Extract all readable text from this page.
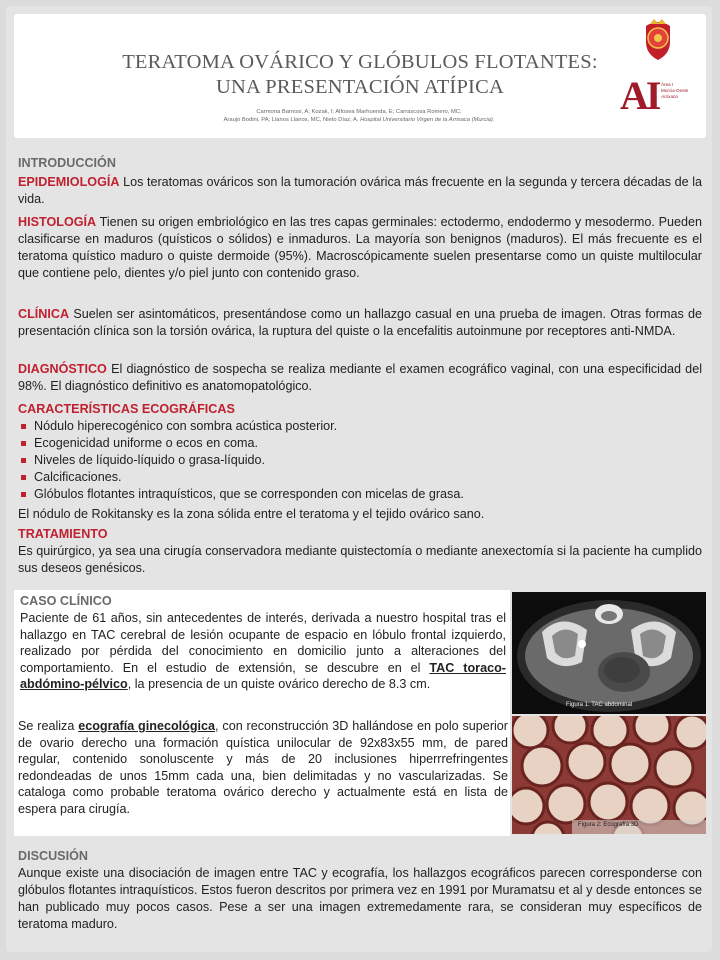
TERATOMA OVÁRICO Y GLÓBULOS FLOTANTES:
UNA PRESENTACIÓN ATÍPICA
Carmona Barnosi, A; Kozak, I; Alfosea Marhuenda, E; Carrascosa Romero, MC;
Araujo Bodini, PA; Llanos Llanos, MC, Nieto Díaz, A. Hospital Universitario Virgen de la Arrixaca (Murcia).
AI Área I
Murcia Oeste
Arrixaca
INTRODUCCIÓN

EPIDEMIOLOGÍA Los teratomas ováricos son la tumoración ovárica más frecuente en la segunda y tercera décadas de la vida.

HISTOLOGÍA Tienen su origen embriológico en las tres capas germinales: ectodermo, endodermo y mesodermo. Pueden clasificarse en maduros (quísticos o sólidos) e inmaduros. La mayoría son benignos (maduros). El más frecuente es el teratoma quístico maduro o quiste dermoide (95%). Macroscópicamente suelen presentarse como un quiste multilocular que contiene pelo, dientes y/o piel junto con contenido graso.

CLÍNICA Suelen ser asintomáticos, presentándose como un hallazgo casual en una prueba de imagen. Otras formas de presentación clínica son la torsión ovárica, la ruptura del quiste o la encefalitis autoinmune por receptores anti-NMDA.

DIAGNÓSTICO El diagnóstico de sospecha se realiza mediante el examen ecográfico vaginal, con una especificidad del 98%. El diagnóstico definitivo es anatomopatológico.

CARACTERÍSTICAS ECOGRÁFICAS
Nódulo hiperecogénico con sombra acústica posterior.
Ecogenicidad uniforme o ecos en coma.
Niveles de líquido-líquido o grasa-líquido.
Calcificaciones.
Glóbulos flotantes intraquísticos, que se corresponden con micelas de grasa.

El nódulo de Rokitansky es la zona sólida entre el teratoma y el tejido ovárico sano.

TRATAMIENTO

Es quirúrgico, ya sea una cirugía conservadora mediante quistectomía o mediante anexectomía si la paciente ha cumplido sus deseos genésicos.

CASO CLÍNICO
Paciente de 61 años, sin antecedentes de interés, derivada a nuestro hospital tras el hallazgo en TAC cerebral de lesión ocupante de espacio en lóbulo frontal izquierdo, realizado por pérdida del conocimiento en domicilio junto a alteraciones del comportamiento. En el estudio de extensión, se descubre en el TAC toraco-abdómino-pélvico, la presencia de un quiste ovárico derecho de 8.3 cm.
Se realiza ecografía ginecológica, con reconstrucción 3D hallándose en polo superior de ovario derecho una formación quística unilocular de 92x83x55 mm, de pared regular, contenido sonoluscente y más de 20 inclusiones hiperrrefringentes redondeadas de unos 15mm cada una, bien delimitadas y no vascularizadas. Se cataloga como probable teratoma ovárico derecho y actualmente está en lista de espera para cirugía.
Figura 1: TAC abdominal
Figura 2: Ecografía 3D
DISCUSIÓN

Aunque existe una disociación de imagen entre TAC y ecografía, los hallazgos ecográficos parecen corresponderse con glóbulos flotantes intraquísticos. Estos fueron descritos por primera vez en 1991 por Muramatsu et al y desde entonces se han publicado muy pocos casos. Pese a ser una imagen extremedamente rara, se consideran muy específicos de teratoma maduro.
